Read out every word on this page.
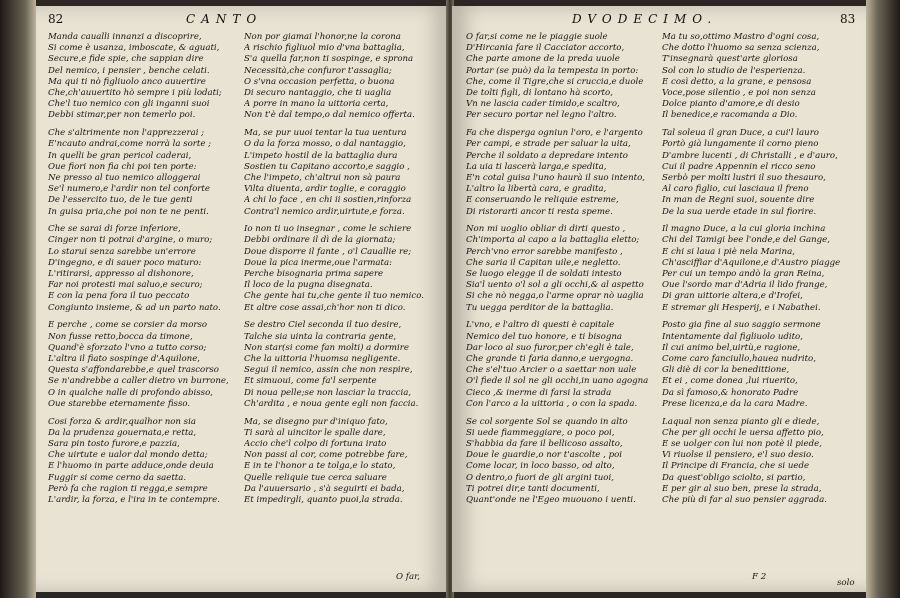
82	CANTO
Manda caualli innanzi a discoprire,
Si come è usanza, imboscate, & aguati,
Secure,e fide spie, che sappian dire
Del nemico, i pensier , benche celati.
Ma qui ti nò figliuolo anco auuertire
Che,ch'auuertito hò sempre i più lodati;
Che'l tuo nemico con gli inganni suoi
Debbi stimar,per non temerlo poi.
Che s'altrimente non l'apprezzerai ;
E'ncauto andrai,come norrà la sorte ;
In quelli be gran pericol caderai,
Oue fiori non fia chi poi ten porte:
Ne presso al tuo nemico alloggerai
Se'l numero,e l'ardir non tel conforte
De l'essercito tuo, de le tue genti
In guisa pria,che poi non te ne penti.
Che se sarai di forze inferiore,
Cinger non ti potrai d'argine, o muro;
Lo starui senza sarebbe un'errore
D'ingegno, e di sauer poco maturo:
L'ritirarsi, appresso al dishonore,
Far noi protesti mai saluo,e securo;
E con la pena fora il tuo peccato
Congiunto insieme, & ad un parto nato.
E perche , come se corsier da morso
Non fusse retto,bocca da timone,
Quand'è sforzato l'vno a tutto corso;
L'altra il fiato sospinge d'Aquilone,
Questa s'affondarebbe,e quel trascorso
Se n'andrebbe a caller dietro vn burrone,
O in qualche nalle di profondo abisso,
Oue starebbe eternamente fisso.
Cosi forza & ardir,qualhor non sia
Da la prudenza gouernata,e retta,
Sara pin tosto furore,e pazzia,
Che uirtute e ualor dal mondo detta;
E l'huomo in parte adduce,onde deuia
Fuggir si come cerno da saetta.
Però fa che ragion ti regga,e sempre
L'ardir, la forza, e l'ira in te contempre.
Non por giamai l'honor,ne la corona
A rischio figliuol mio d'vna battaglia,
S'a quella far,non ti sospinge, e sprona
Necessità,che confuror t'assaglia;
O s'vna occasion perfetta, o buona
Di securo nantaggio, che ti uaglia
A porre in mano la uittoria certa,
Non t'è dal tempo,o dal nemico offerta.
Ma, se pur uuoi tentar la tua uentura
O da la forza mosso, o dal nantaggio,
L'impeto hostil de la battaglia dura
Sostien tu Capitano accorto,e saggio ,
Che l'impeto, ch'altrui non sà paura
Vilta diuenta, ardir toglie, e coraggio
A chi lo face , en chi ii sostien,rinforza
Contra'l nemico ardir,uirtute,e forza.
Io non ti uo insegnar , come le schiere
Debbi ordinare il dì de la giornata;
Doue disporre il fante , o'l Cauallie re;
Doue la pica inerme,oue l'armata:
Perche bisognaria prima sapere
Il loco de la pugna disegnata.
Che gente hai tu,che gente il tuo nemico.
Et altre cose assai,ch'hor non ti dico.
Se destro Ciel seconda il tuo desire,
Talche sia uinta la contraria gente,
Non star(si come fan molti) a dormire
Che la uittoria l'huomsa negligente.
Segui il nemico, assin che non respire,
Et simuoui, come fa'l serpente
Di noua pelle;se non lasciar la traccia,
Ch'ardita , e noua gente egli non faccia.
Ma, se disegno pur d'iniquo fato,
Ti sarà al uincitor le spalle dare,
Accio che'l colpo di fortuna irato
Non passi al cor, come potrebbe fare,
E in te l'honor a te tolga,e lo stato,
Quelle reliquie tue cerca saluare
Da l'auuersario , s'à seguirti ei bada,
Et impedirgli, quanto puoi,la strada.
O far,
DVODECIMO.	83
O far,si come ne le piaggie suole
D'Hircania fare il Cacciator accorto,
Che parte amone de la preda uuole
Portar (se può) da la tempesta in porto:
Che, come il Tigre,che si cruccia,e duole
De tolti figli, di lontano hà scorto,
Vn ne lascia cader timido,e scaltro,
Per securo portar nel legno l'altro.
Fa che disperga ogniun l'oro, e l'argento
Per campi, e strade per saluar la uita,
Perche il soldato a depredare intento
La uia ti lascerà larga,e spedita,
E'n cotal guisa l'uno haurà il suo intento,
L'altro la libertà cara, e gradita,
E conseruando le reliquie estreme,
Di ristorarti ancor ti resta speme.
Non mi uoglio obliar di dirti questo ,
Ch'importa al capo a la battaglia eletto;
Perch'vno error sarebbe manifesto ,
Che saria il Capitan uile,e negletto.
Se luogo elegge il de soldati intesto
Sia'l uento o'l sol a gli occhi,& al aspetto
Si che nò negga,o l'arme oprar nò uaglia
Tu uegga perditor de la battaglia.
L'vno, e l'altro di questi è capitale
Nemico del tuo honore, e ti bisogna
Dar loco al suo furor,per ch'egli è tale,
Che grande ti faria danno,e uergogna.
Che s'el'tuo Arcier o a saettar non uale
O'l fiede il sol ne gli occhi,in uano agogna
Cieco ,& inerme di farsi la strada
Con l'arco a la uittoria , o con la spada.
Se col sorgente Sol se quando in alto
Si uede fiammeggiare, o poco poi,
S'habbia da fare il bellicoso assalto,
Doue le guardie,o nor t'ascolte , poi
Come locar, in loco basso, od alto,
O dentro,o fuori de gli argini tuoi,
Ti potrei dir,e tanti documenti,
Quant'onde ne l'Egeo muouono i uenti.
Ma tu so,ottimo Mastro d'ogni cosa,
Che dotto l'huomo sa senza scienza,
T'insegnarà quest'arte gloriosa
Sol con lo studio de l'esperienza.
E così detto, a la grane, e pensosa
Voce,pose silentio , e poi non senza
Dolce pianto d'amore,e di desio
Il benedice,e racomanda a Dio.
Tal soleua il gran Duce, a cui'l lauro
Portò già lungamente il corno pieno
D'ambre lucenti , di Christalli , e d'auro,
Cui il padre Appennin el ricco seno
Serbò per molti lustri il suo thesauro,
Al caro figlio, cui lasciaua il freno
In man de Regni suoi, souente dire
De la sua uerde etade in sul fiorire.
Il magno Duce, a la cui gloria inchina
Chi del Tamigi bee l'onde,e del Gange,
E chi si laua i piè nela Marina,
Ch'asciffiar d'Aquilone,e d'Austro piagge
Per cui un tempo andò la gran Reina,
Oue l'sordo mar d'Adria il lido frange,
Di gran uittorie altera,e d'Irofei,
E stremar gli Hesperij, e i Nabathei.
Posto gia fine al suo saggio sermone
Intentamente dal figliuolo udito,
Il cui animo bel,uirtù,e ragione,
Come caro fanciullo,hauea nudrito,
Gli diè di cor la benedittione,
Et ei , come donea ,lui riuerito,
Da sì famoso,& honorato Padre
Prese licenza,e da la cara Madre.
Laqual non senza pianto gli e diede,
Che per gli occhi le uersa affetto pio,
E se uolger con lui non potè il piede,
Vi riuolse il pensiero, e'l suo desio.
Il Principe di Francia, che si uede
Da quest'obligo sciolto, si partio,
E per gir al suo ben, prese la strada,
Che più di far al suo pensier aggrada.
F 2
solo
